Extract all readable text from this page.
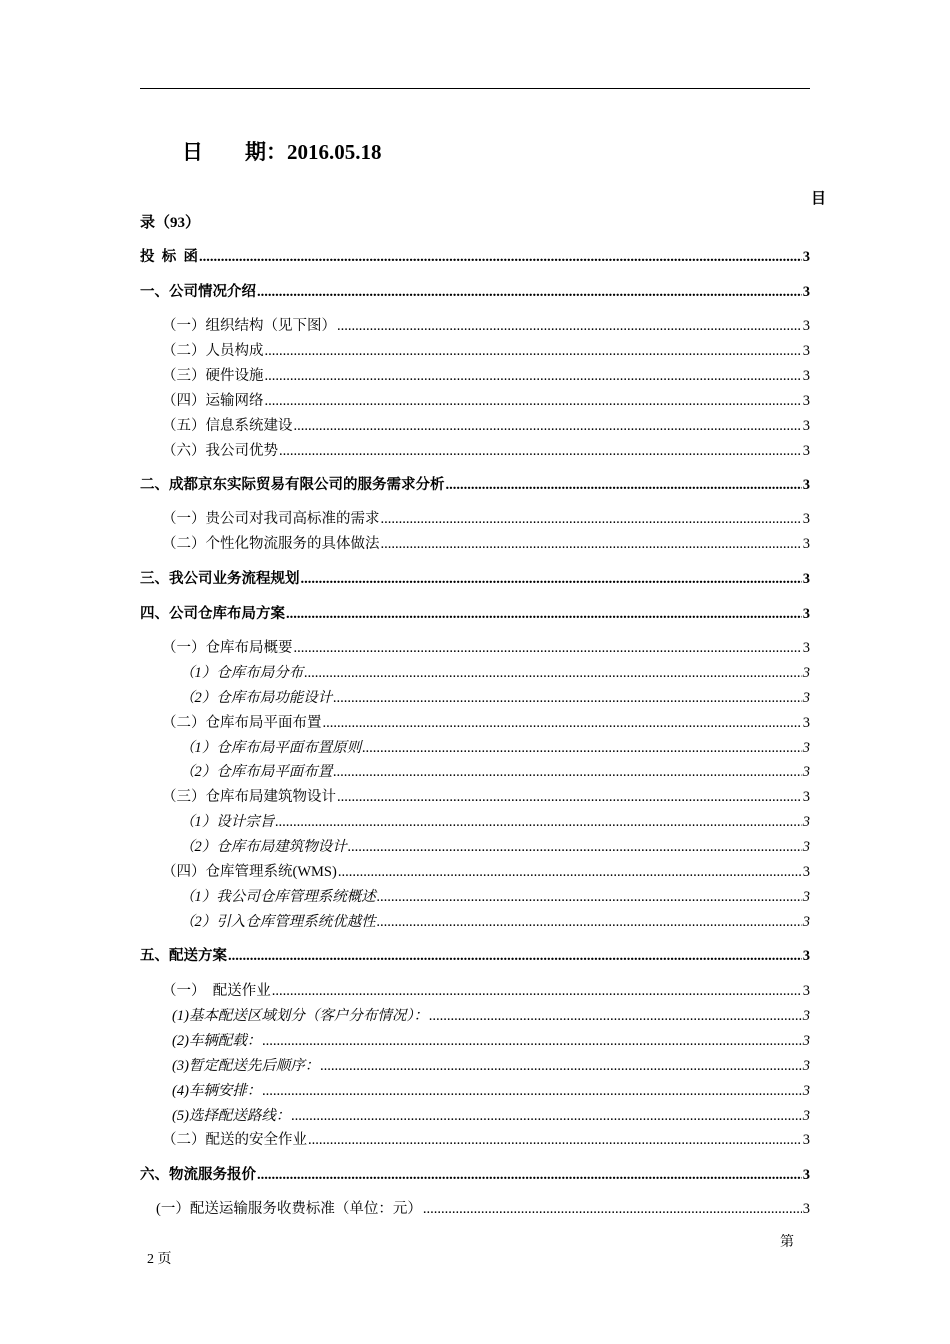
日　　期：2016.05.18
目
录（93）
投  标  函 .....	3
一、公司情况介绍 .....	3
（一）组织结构（见下图） .....	3
（二）人员构成 .....	3
（三）硬件设施 .....	3
（四）运输网络 .....	3
（五）信息系统建设 .....	3
（六）我公司优势 .....	3
二、成都京东实际贸易有限公司的服务需求分析 .....	3
（一）贵公司对我司高标准的需求 .....	3
（二）个性化物流服务的具体做法 .....	3
三、我公司业务流程规划 .....	3
四、公司仓库布局方案 .....	3
（一）仓库布局概要 .....	3
（1）仓库布局分布 .....	3
（2）仓库布局功能设计 .....	3
（二）仓库布局平面布置 .....	3
（1）仓库布局平面布置原则 .....	3
（2）仓库布局平面布置 .....	3
（三）仓库布局建筑物设计 .....	3
（1）设计宗旨 .....	3
（2）仓库布局建筑物设计 .....	3
（四）仓库管理系统(WMS) .....	3
（1）我公司仓库管理系统概述 .....	3
（2）引入仓库管理系统优越性 .....	3
五、配送方案 .....	3
（一）  配送作业 .....	3
(1)基本配送区域划分（客户分布情况）： .....	3
(2)车辆配载： .....	3
(3)暂定配送先后顺序： .....	3
(4)车辆安排： .....	3
(5)选择配送路线： .....	3
（二）配送的安全作业 .....	3
六、物流服务报价 .....	3
(一）配送运输服务收费标准（单位：元） .....	3
第
2 页
